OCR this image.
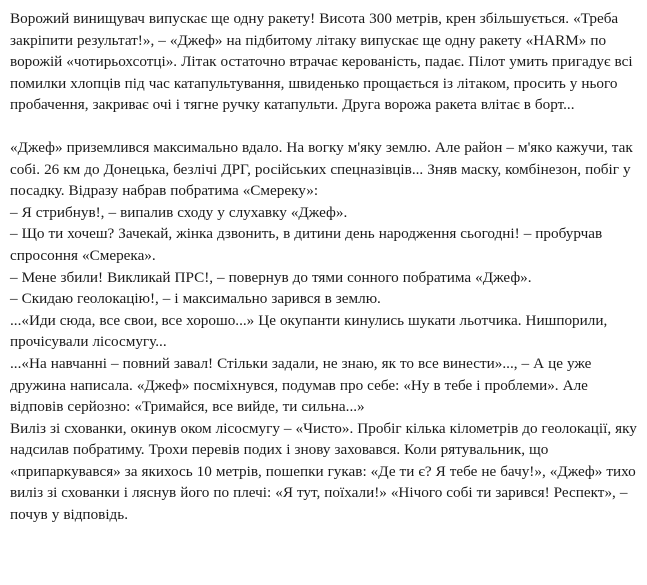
Ворожий винищувач випускає ще одну ракету! Висота 300 метрів, крен збільшується. «Треба закріпити результат!», – «Джеф» на підбитому літаку випускає ще одну ракету «HARM» по ворожій «чотирьохсотці». Літак остаточно втрачає керованість, падає. Пілот умить пригадує всі помилки хлопців під час катапультування, швиденько прощається із літаком, просить у нього пробачення, закриває очі і тягне ручку катапульти. Друга ворожа ракета влітає в борт...

«Джеф» приземлився максимально вдало. На вогку м'яку землю. Але район – м'якo кажучи, так собі. 26 км до Донецька, безлічі ДРГ, російських спецназівців... Зняв маску, комбінезон, побіг у посадку. Відразу набрав побратима «Смереку»:

– Я стрибнув!, – випалив сходу у слухавку «Джеф».

– Що ти хочеш? Зачекай, жінка дзвонить, в дитини день народження сьогодні! – пробурчав спросоння «Смерека».

– Мене збили! Викликай ПРС!, – повернув до тями сонного побратима «Джеф».

– Скидаю геолокацію!, – і максимально зарився в землю.

...«Иди сюда, все свои, все хорошо...» Це окупанти кинулись шукати льотчика. Нишпорили, прочісували лісосмугу...

...«На навчанні – повний завал! Стільки задали, не знаю, як то все винести»..., – А це уже дружина написала. «Джеф» посміхнувся, подумав про себе: «Ну в тебе і проблеми». Але відповів серйозно: «Тримайся, все вийде, ти сильна...»

Виліз зі схованки, окинув оком лісосмугу – «Чисто». Пробіг кілька кілометрів до геолокації, яку надсилав побратиму. Трохи перевів подих і знову заховався. Коли рятувальник, що «припаркувався» за якихось 10 метрів, пошепки гукав: «Де ти є? Я тебе не бачу!», «Джеф» тихо виліз зі схованки і ляснув його по плечі: «Я тут, поїхали!» «Нічого собі ти зарився! Респект», – почув у відповідь.
